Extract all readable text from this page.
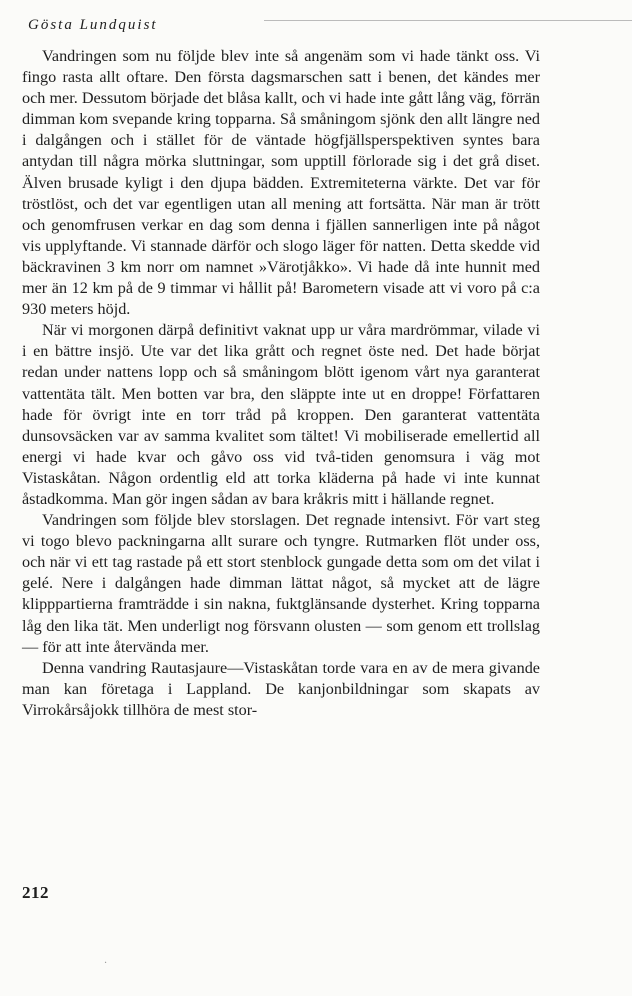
Gösta Lundquist

Vandringen som nu följde blev inte så angenäm som vi hade tänkt oss. Vi fingo rasta allt oftare. Den första dagsmarschen satt i benen, det kändes mer och mer. Dessutom började det blåsa kallt, och vi hade inte gått lång väg, förrän dimman kom svepande kring topparna. Så småningom sjönk den allt längre ned i dalgången och i stället för de väntade högfjällsperspektiven syntes bara antydan till några mörka sluttningar, som upptill förlorade sig i det grå diset. Älven brusade kyligt i den djupa bädden. Extremiteterna värkte. Det var för tröstlöst, och det var egentligen utan all mening att fortsätta. När man är trött och genomfrusen verkar en dag som denna i fjällen sannerligen inte på något vis upplyftande. Vi stannade därför och slogo läger för natten. Detta skedde vid bäckravinen 3 km norr om namnet »Värotjåkko». Vi hade då inte hunnit med mer än 12 km på de 9 timmar vi hållit på! Barometern visade att vi voro på c:a 930 meters höjd.

När vi morgonen därpå definitivt vaknat upp ur våra mardrömmar, vilade vi i en bättre insjö. Ute var det lika grått och regnet öste ned. Det hade börjat redan under nattens lopp och så småningom blött igenom vårt nya garanterat vattentäta tält. Men botten var bra, den släppte inte ut en droppe! Författaren hade för övrigt inte en torr tråd på kroppen. Den garanterat vattentäta dunsovsäcken var av samma kvalitet som tältet! Vi mobiliserade emellertid all energi vi hade kvar och gåvo oss vid två-tiden genomsura i väg mot Vistaskåtan. Någon ordentlig eld att torka kläderna på hade vi inte kunnat åstadkomma. Man gör ingen sådan av bara kråkris mitt i hällande regnet.

Vandringen som följde blev storslagen. Det regnade intensivt. För vart steg vi togo blevo packningarna allt surare och tyngre. Rutmarken flöt under oss, och när vi ett tag rastade på ett stort stenblock gungade detta som om det vilat i gelé. Nere i dalgången hade dimman lättat något, så mycket att de lägre klipppartierna framträdde i sin nakna, fuktglänsande dysterhet. Kring topparna låg den lika tät. Men underligt nog försvann olusten — som genom ett trollslag — för att inte återvända mer.

Denna vandring Rautasjaure—Vistaskåtan torde vara en av de mera givande man kan företaga i Lappland. De kanjonbildningar som skapats av Virrokårsåjokk tillhöra de mest stor-

212
·
